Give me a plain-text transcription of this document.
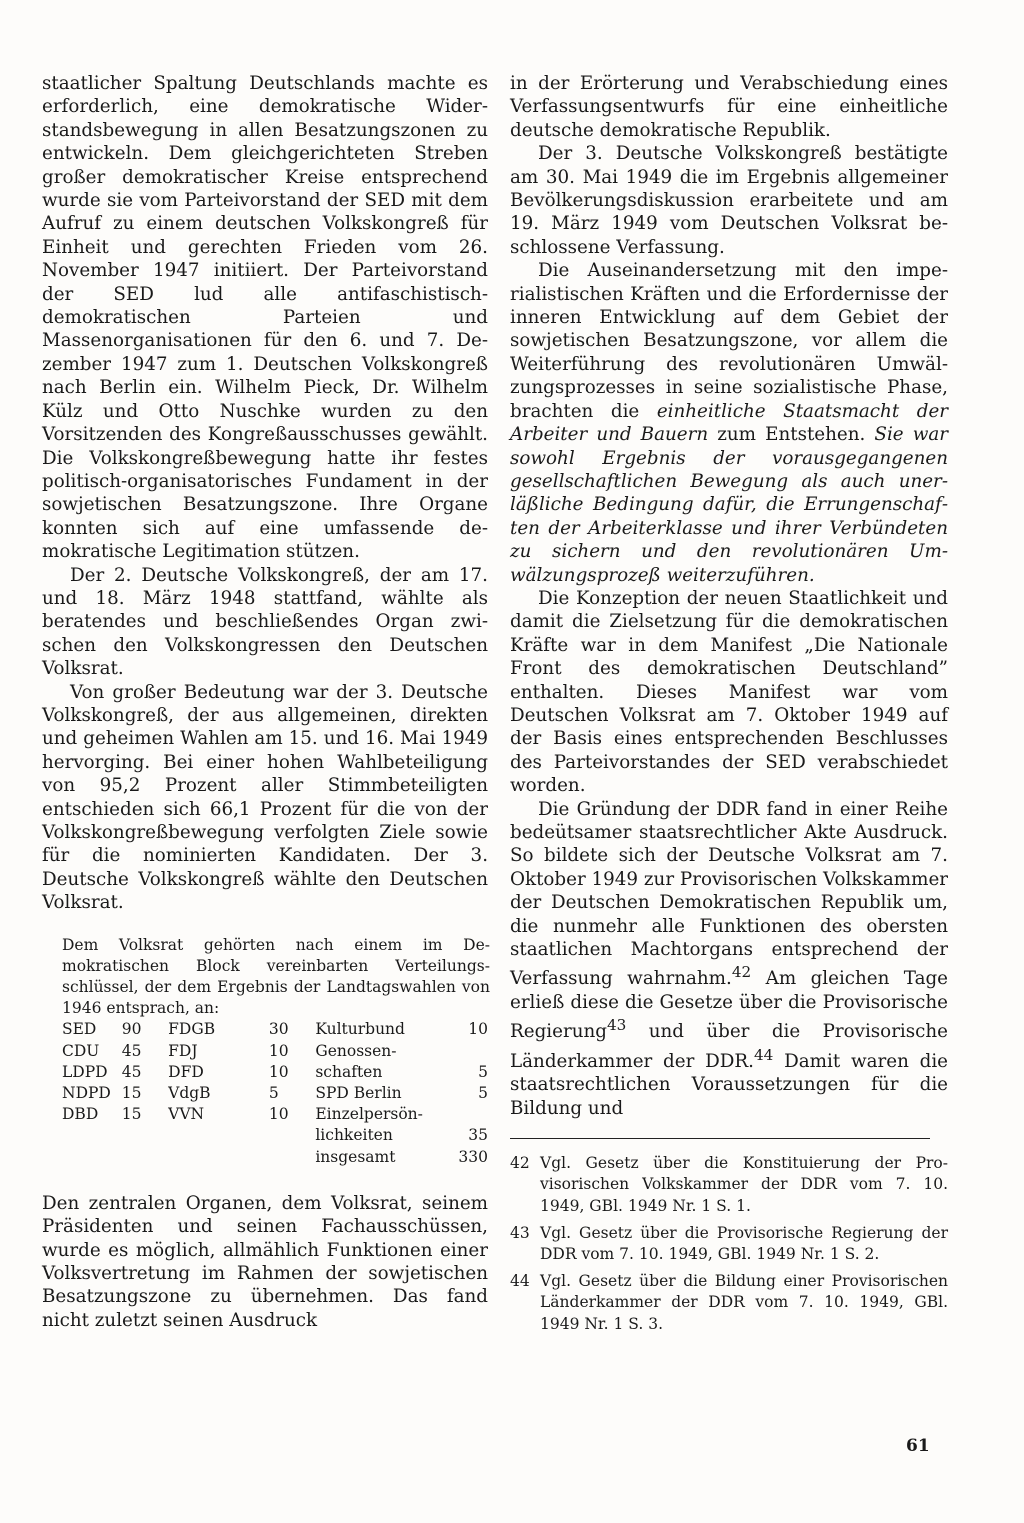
staatlicher Spaltung Deutschlands machte es erforderlich, eine demokratische Widerstandsbewegung in allen Besatzungszonen zu entwickeln. Dem gleichgerichteten Streben großer demokratischer Kreise entsprechend wurde sie vom Parteivorstand der SED mit dem Aufruf zu einem deutschen Volkskongreß für Einheit und gerechten Frieden vom 26. November 1947 initiiert. Der Parteivorstand der SED lud alle antifaschistisch-demokratischen Parteien und Massenorganisationen für den 6. und 7. Dezember 1947 zum 1. Deutschen Volkskongreß nach Berlin ein. Wilhelm Pieck, Dr. Wilhelm Külz und Otto Nuschke wurden zu den Vorsitzenden des Kongreßausschusses gewählt. Die Volkskongreßbewegung hatte ihr festes politisch-organisatorisches Fundament in der sowjetischen Besatzungszone. Ihre Organe konnten sich auf eine umfassende demokratische Legitimation stützen.

Der 2. Deutsche Volkskongreß, der am 17. und 18. März 1948 stattfand, wählte als beratendes und beschließendes Organ zwischen den Volkskongressen den Deutschen Volksrat.

Von großer Bedeutung war der 3. Deutsche Volkskongreß, der aus allgemeinen, direkten und geheimen Wahlen am 15. und 16. Mai 1949 hervorging. Bei einer hohen Wahlbeteiligung von 95,2 Prozent aller Stimmbeteiligten entschieden sich 66,1 Prozent für die von der Volkskongreßbewegung verfolgten Ziele sowie für die nominierten Kandidaten. Der 3. Deutsche Volkskongreß wählte den Deutschen Volksrat.

Dem Volksrat gehörten nach einem im Demokratischen Block vereinbarten Verteilungsschlüssel, der dem Ergebnis der Landtagswahlen von 1946 entsprach, an:
SED	90	FDGB	30	Kulturbund	10
CDU	45	FDJ	10	Genossen-	
LDPD	45	DFD	10	schaften	5
NDPD	15	VdgB	5	SPD Berlin	5
DBD	15	VVN	10	Einzelpersön-	
				lichkeiten	35
				insgesamt	330

Den zentralen Organen, dem Volksrat, seinem Präsidenten und seinen Fachausschüssen, wurde es möglich, allmählich Funktionen einer Volksvertretung im Rahmen der sowjetischen Besatzungszone zu übernehmen. Das fand nicht zuletzt seinen Ausdruck

in der Erörterung und Verabschiedung eines Verfassungsentwurfs für eine einheitliche deutsche demokratische Republik.

Der 3. Deutsche Volkskongreß bestätigte am 30. Mai 1949 die im Ergebnis allgemeiner Bevölkerungsdiskussion erarbeitete und am 19. März 1949 vom Deutschen Volksrat beschlossene Verfassung.

Die Auseinandersetzung mit den imperialistischen Kräften und die Erfordernisse der inneren Entwicklung auf dem Gebiet der sowjetischen Besatzungszone, vor allem die Weiterführung des revolutionären Umwälzungsprozesses in seine sozialistische Phase, brachten die einheitliche Staatsmacht der Arbeiter und Bauern zum Entstehen. Sie war sowohl Ergebnis der vorausgegangenen gesellschaftlichen Bewegung als auch unerläßliche Bedingung dafür, die Errungenschaften der Arbeiterklasse und ihrer Verbündeten zu sichern und den revolutionären Umwälzungsprozeß weiterzuführen.

Die Konzeption der neuen Staatlichkeit und damit die Zielsetzung für die demokratischen Kräfte war in dem Manifest „Die Nationale Front des demokratischen Deutschland” enthalten. Dieses Manifest war vom Deutschen Volksrat am 7. Oktober 1949 auf der Basis eines entsprechenden Beschlusses des Parteivorstandes der SED verabschiedet worden.

Die Gründung der DDR fand in einer Reihe bedeütsamer staatsrechtlicher Akte Ausdruck. So bildete sich der Deutsche Volksrat am 7. Oktober 1949 zur Provisorischen Volkskammer der Deutschen Demokratischen Republik um, die nunmehr alle Funktionen des obersten staatlichen Machtorgans entsprechend der Verfassung wahrnahm.$^{42}$ Am gleichen Tage erließ diese die Gesetze über die Provisorische Regierung$^{43}$ und über die Provisorische Länderkammer der DDR.$^{44}$ Damit waren die staatsrechtlichen Voraussetzungen für die Bildung und

42 Vgl. Gesetz über die Konstituierung der Provisorischen Volkskammer der DDR vom 7. 10. 1949, GBl. 1949 Nr. 1 S. 1.
43 Vgl. Gesetz über die Provisorische Regierung der DDR vom 7. 10. 1949, GBl. 1949 Nr. 1 S. 2.
44 Vgl. Gesetz über die Bildung einer Provisorischen Länderkammer der DDR vom 7. 10. 1949, GBl. 1949 Nr. 1 S. 3.
61
